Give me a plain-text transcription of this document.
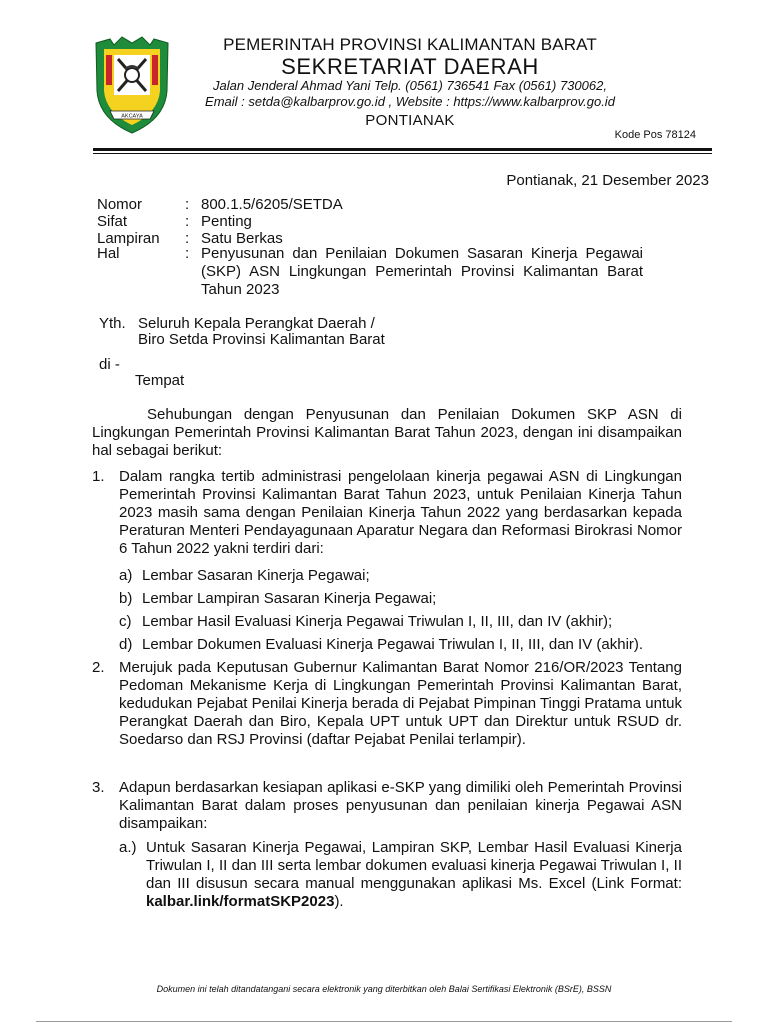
AKCAYA
PEMERINTAH PROVINSI KALIMANTAN BARAT
SEKRETARIAT DAERAH
Jalan Jenderal Ahmad Yani Telp. (0561) 736541 Fax (0561) 730062,
Email : setda@kalbarprov.go.id , Website : https://www.kalbarprov.go.id
PONTIANAK
Kode Pos 78124
Pontianak, 21 Desember 2023
Nomor	: 800.1.5/6205/SETDA
Sifat	: Penting
Lampiran : Satu Berkas
Hal	: Penyusunan dan Penilaian Dokumen Sasaran Kinerja Pegawai (SKP) ASN Lingkungan Pemerintah Provinsi Kalimantan Barat Tahun 2023
Yth. Seluruh Kepala Perangkat Daerah /
Biro Setda Provinsi Kalimantan Barat
di -
Tempat
Sehubungan dengan Penyusunan dan Penilaian Dokumen SKP ASN di Lingkungan Pemerintah Provinsi Kalimantan Barat Tahun 2023, dengan ini disampaikan hal sebagai berikut:
1. Dalam rangka tertib administrasi pengelolaan kinerja pegawai ASN di Lingkungan Pemerintah Provinsi Kalimantan Barat Tahun 2023, untuk Penilaian Kinerja Tahun 2023 masih sama dengan Penilaian Kinerja Tahun 2022 yang berdasarkan kepada Peraturan Menteri Pendayagunaan Aparatur Negara dan Reformasi Birokrasi Nomor 6 Tahun 2022 yakni terdiri dari:
a) Lembar Sasaran Kinerja Pegawai;
b) Lembar Lampiran Sasaran Kinerja Pegawai;
c) Lembar Hasil Evaluasi Kinerja Pegawai Triwulan I, II, III, dan IV (akhir);
d) Lembar Dokumen Evaluasi Kinerja Pegawai Triwulan I, II, III, dan IV (akhir).
2. Merujuk pada Keputusan Gubernur Kalimantan Barat Nomor 216/OR/2023 Tentang Pedoman Mekanisme Kerja di Lingkungan Pemerintah Provinsi Kalimantan Barat, kedudukan Pejabat Penilai Kinerja berada di Pejabat Pimpinan Tinggi Pratama untuk Perangkat Daerah dan Biro, Kepala UPT untuk UPT dan Direktur untuk RSUD dr. Soedarso dan RSJ Provinsi (daftar Pejabat Penilai terlampir).
3. Adapun berdasarkan kesiapan aplikasi e-SKP yang dimiliki oleh Pemerintah Provinsi Kalimantan Barat dalam proses penyusunan dan penilaian kinerja Pegawai ASN disampaikan:
a.) Untuk Sasaran Kinerja Pegawai, Lampiran SKP, Lembar Hasil Evaluasi Kinerja Triwulan I, II dan III serta lembar dokumen evaluasi kinerja Pegawai Triwulan I, II dan III disusun secara manual menggunakan aplikasi Ms. Excel (Link Format: kalbar.link/formatSKP2023).
Dokumen ini telah ditandatangani secara elektronik yang diterbitkan oleh Balai Sertifikasi Elektronik (BSrE), BSSN
